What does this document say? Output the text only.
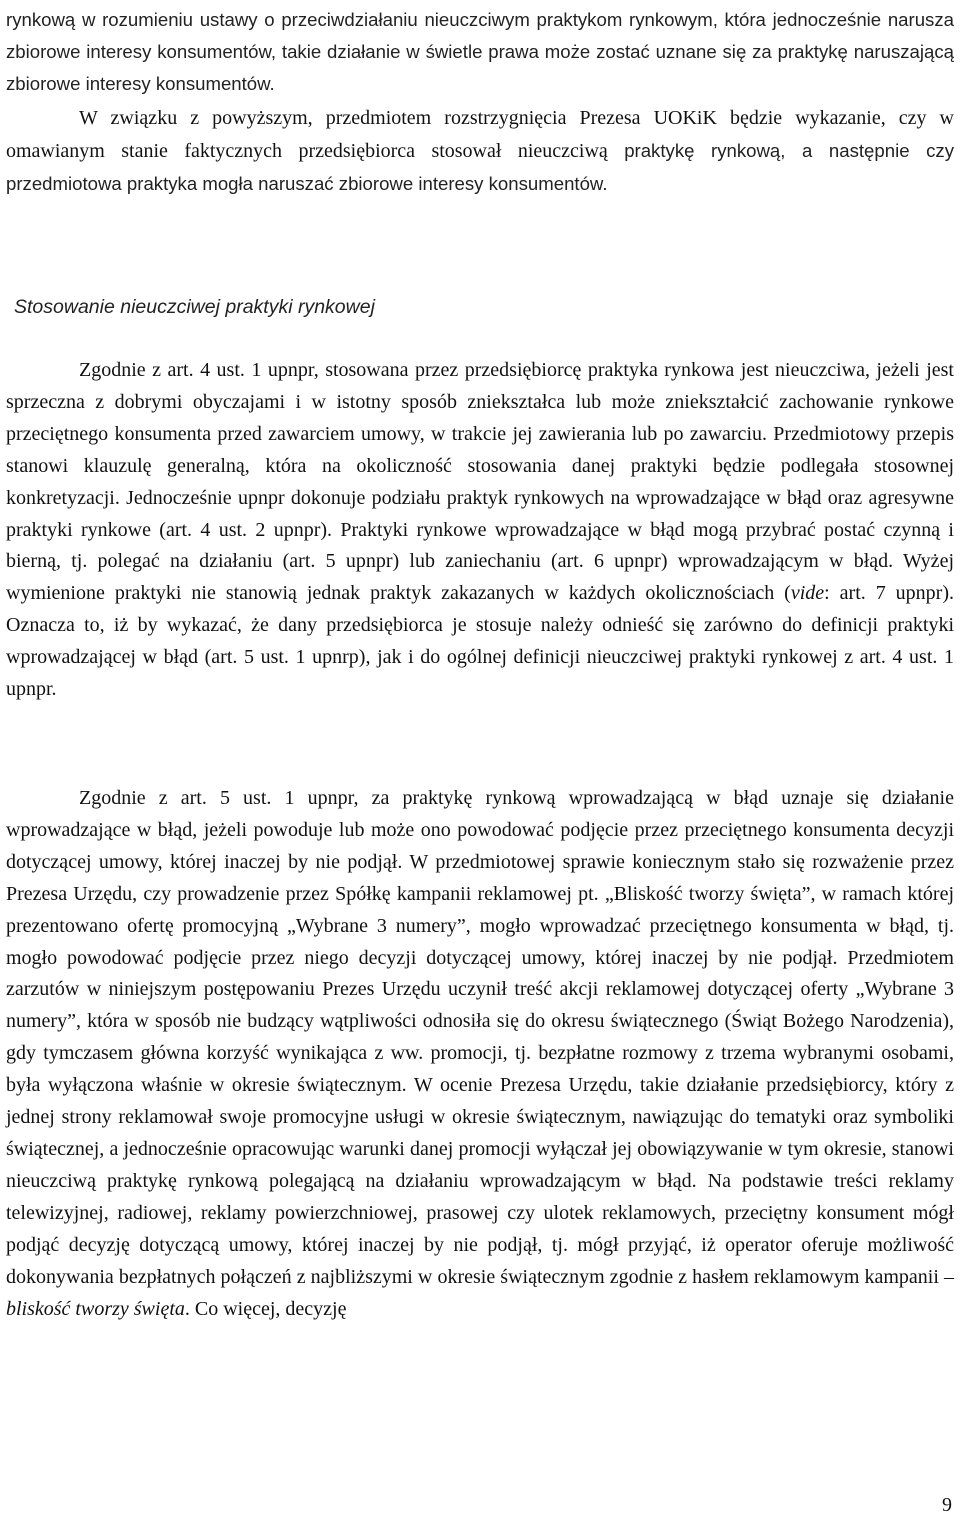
rynkową w rozumieniu ustawy o przeciwdziałaniu nieuczciwym praktykom rynkowym, która jednocześnie narusza zbiorowe interesy konsumentów, takie działanie w świetle prawa może zostać uznane się za praktykę naruszającą zbiorowe interesy konsumentów.

W związku z powyższym, przedmiotem rozstrzygnięcia Prezesa UOKiK będzie wykazanie, czy w omawianym stanie faktycznych przedsiębiorca stosował nieuczciwą praktykę rynkową, a następnie czy przedmiotowa praktyka mogła naruszać zbiorowe interesy konsumentów.

Stosowanie nieuczciwej praktyki rynkowej

Zgodnie z art. 4 ust. 1 upnpr, stosowana przez przedsiębiorcę praktyka rynkowa jest nieuczciwa, jeżeli jest sprzeczna z dobrymi obyczajami i w istotny sposób zniekształca lub może zniekształcić zachowanie rynkowe przeciętnego konsumenta przed zawarciem umowy, w trakcie jej zawierania lub po zawarciu. Przedmiotowy przepis stanowi klauzulę generalną, która na okoliczność stosowania danej praktyki będzie podlegała stosownej konkretyzacji. Jednocześnie upnpr dokonuje podziału praktyk rynkowych na wprowadzające w błąd oraz agresywne praktyki rynkowe (art. 4 ust. 2 upnpr). Praktyki rynkowe wprowadzające w błąd mogą przybrać postać czynną i bierną, tj. polegać na działaniu (art. 5 upnpr) lub zaniechaniu (art. 6 upnpr) wprowadzającym w błąd. Wyżej wymienione praktyki nie stanowią jednak praktyk zakazanych w każdych okolicznościach (vide: art. 7 upnpr). Oznacza to, iż by wykazać, że dany przedsiębiorca je stosuje należy odnieść się zarówno do definicji praktyki wprowadzającej w błąd (art. 5 ust. 1 upnrp), jak i do ogólnej definicji nieuczciwej praktyki rynkowej z art. 4 ust. 1 upnpr.

Zgodnie z art. 5 ust. 1 upnpr, za praktykę rynkową wprowadzającą w błąd uznaje się działanie wprowadzające w błąd, jeżeli powoduje lub może ono powodować podjęcie przez przeciętnego konsumenta decyzji dotyczącej umowy, której inaczej by nie podjął. W przedmiotowej sprawie koniecznym stało się rozważenie przez Prezesa Urzędu, czy prowadzenie przez Spółkę kampanii reklamowej pt. „Bliskość tworzy święta”, w ramach której prezentowano ofertę promocyjną „Wybrane 3 numery”, mogło wprowadzać przeciętnego konsumenta w błąd, tj. mogło powodować podjęcie przez niego decyzji dotyczącej umowy, której inaczej by nie podjął. Przedmiotem zarzutów w niniejszym postępowaniu Prezes Urzędu uczynił treść akcji reklamowej dotyczącej oferty „Wybrane 3 numery”, która w sposób nie budzący wątpliwości odnosiła się do okresu świątecznego (Świąt Bożego Narodzenia), gdy tymczasem główna korzyść wynikająca z ww. promocji, tj. bezpłatne rozmowy z trzema wybranymi osobami, była wyłączona właśnie w okresie świątecznym. W ocenie Prezesa Urzędu, takie działanie przedsiębiorcy, który z jednej strony reklamował swoje promocyjne usługi w okresie świątecznym, nawiązując do tematyki oraz symboliki świątecznej, a jednocześnie opracowując warunki danej promocji wyłączał jej obowiązywanie w tym okresie, stanowi nieuczciwą praktykę rynkową polegającą na działaniu wprowadzającym w błąd. Na podstawie treści reklamy telewizyjnej, radiowej, reklamy powierzchniowej, prasowej czy ulotek reklamowych, przeciętny konsument mógł podjąć decyzję dotyczącą umowy, której inaczej by nie podjął, tj. mógł przyjąć, iż operator oferuje możliwość dokonywania bezpłatnych połączeń z najbliższymi w okresie świątecznym zgodnie z hasłem reklamowym kampanii – bliskość tworzy święta. Co więcej, decyzję

9
